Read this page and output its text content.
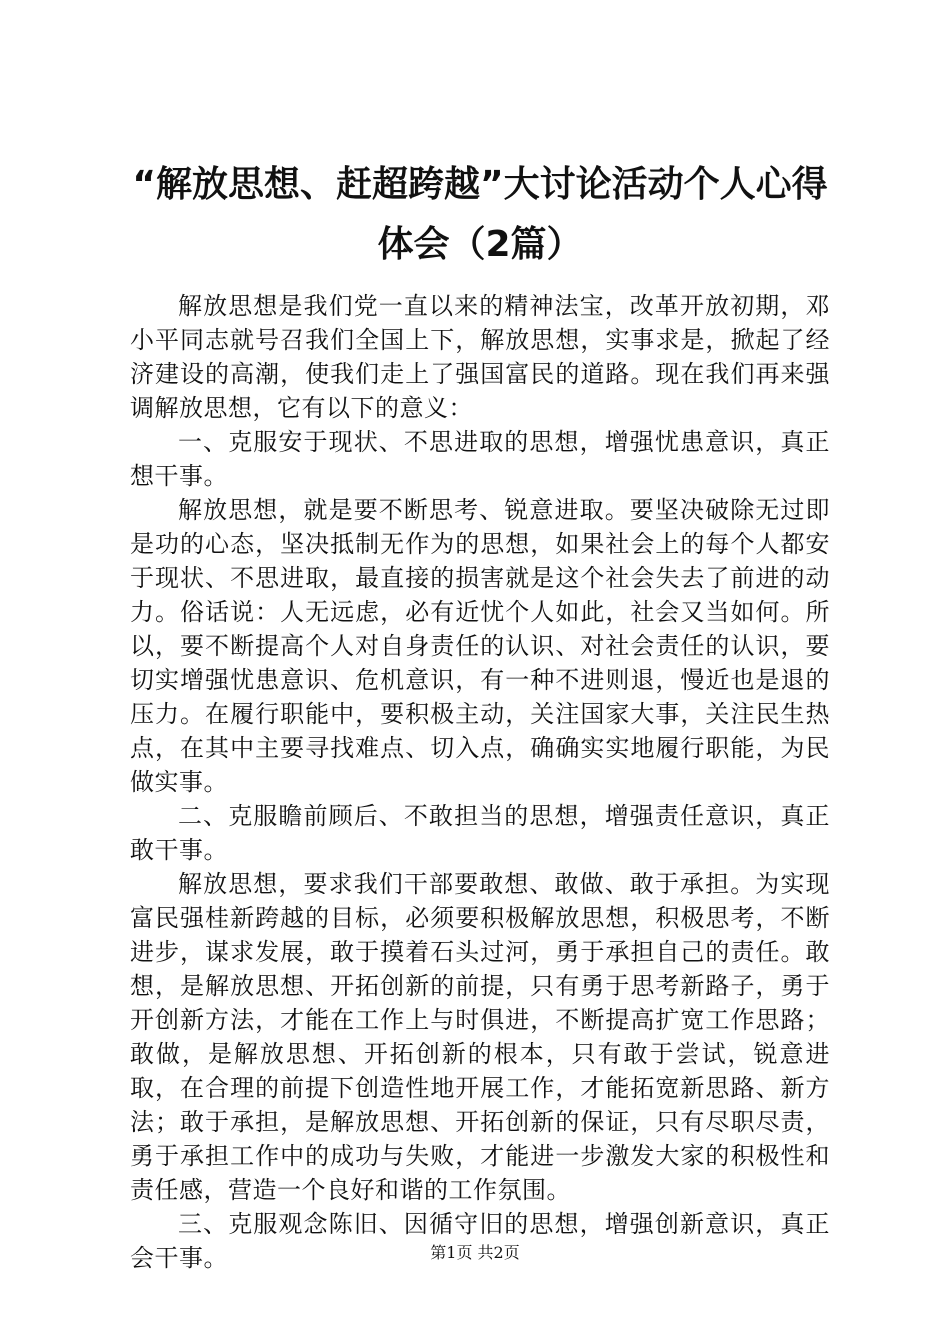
“解放思想、赶超跨越”大讨论活动个人心得体会（2篇）

解放思想是我们党一直以来的精神法宝，改革开放初期，邓小平同志就号召我们全国上下，解放思想，实事求是，掀起了经济建设的高潮，使我们走上了强国富民的道路。现在我们再来强调解放思想，它有以下的意义：

一、克服安于现状、不思进取的思想，增强忧患意识，真正想干事。

解放思想，就是要不断思考、锐意进取。要坚决破除无过即是功的心态，坚决抵制无作为的思想，如果社会上的每个人都安于现状、不思进取，最直接的损害就是这个社会失去了前进的动力。俗话说：人无远虑，必有近忧个人如此，社会又当如何。所以，要不断提高个人对自身责任的认识、对社会责任的认识，要切实增强忧患意识、危机意识，有一种不进则退，慢近也是退的压力。在履行职能中，要积极主动，关注国家大事，关注民生热点，在其中主要寻找难点、切入点，确确实实地履行职能，为民做实事。

二、克服瞻前顾后、不敢担当的思想，增强责任意识，真正敢干事。

解放思想，要求我们干部要敢想、敢做、敢于承担。为实现富民强桂新跨越的目标，必须要积极解放思想，积极思考，不断进步，谋求发展，敢于摸着石头过河，勇于承担自己的责任。敢想，是解放思想、开拓创新的前提，只有勇于思考新路子，勇于开创新方法，才能在工作上与时俱进，不断提高扩宽工作思路；敢做，是解放思想、开拓创新的根本，只有敢于尝试，锐意进取，在合理的前提下创造性地开展工作，才能拓宽新思路、新方法；敢于承担，是解放思想、开拓创新的保证，只有尽职尽责，勇于承担工作中的成功与失败，才能进一步激发大家的积极性和责任感，营造一个良好和谐的工作氛围。

三、克服观念陈旧、因循守旧的思想，增强创新意识，真正会干事。	第1页 共2页
